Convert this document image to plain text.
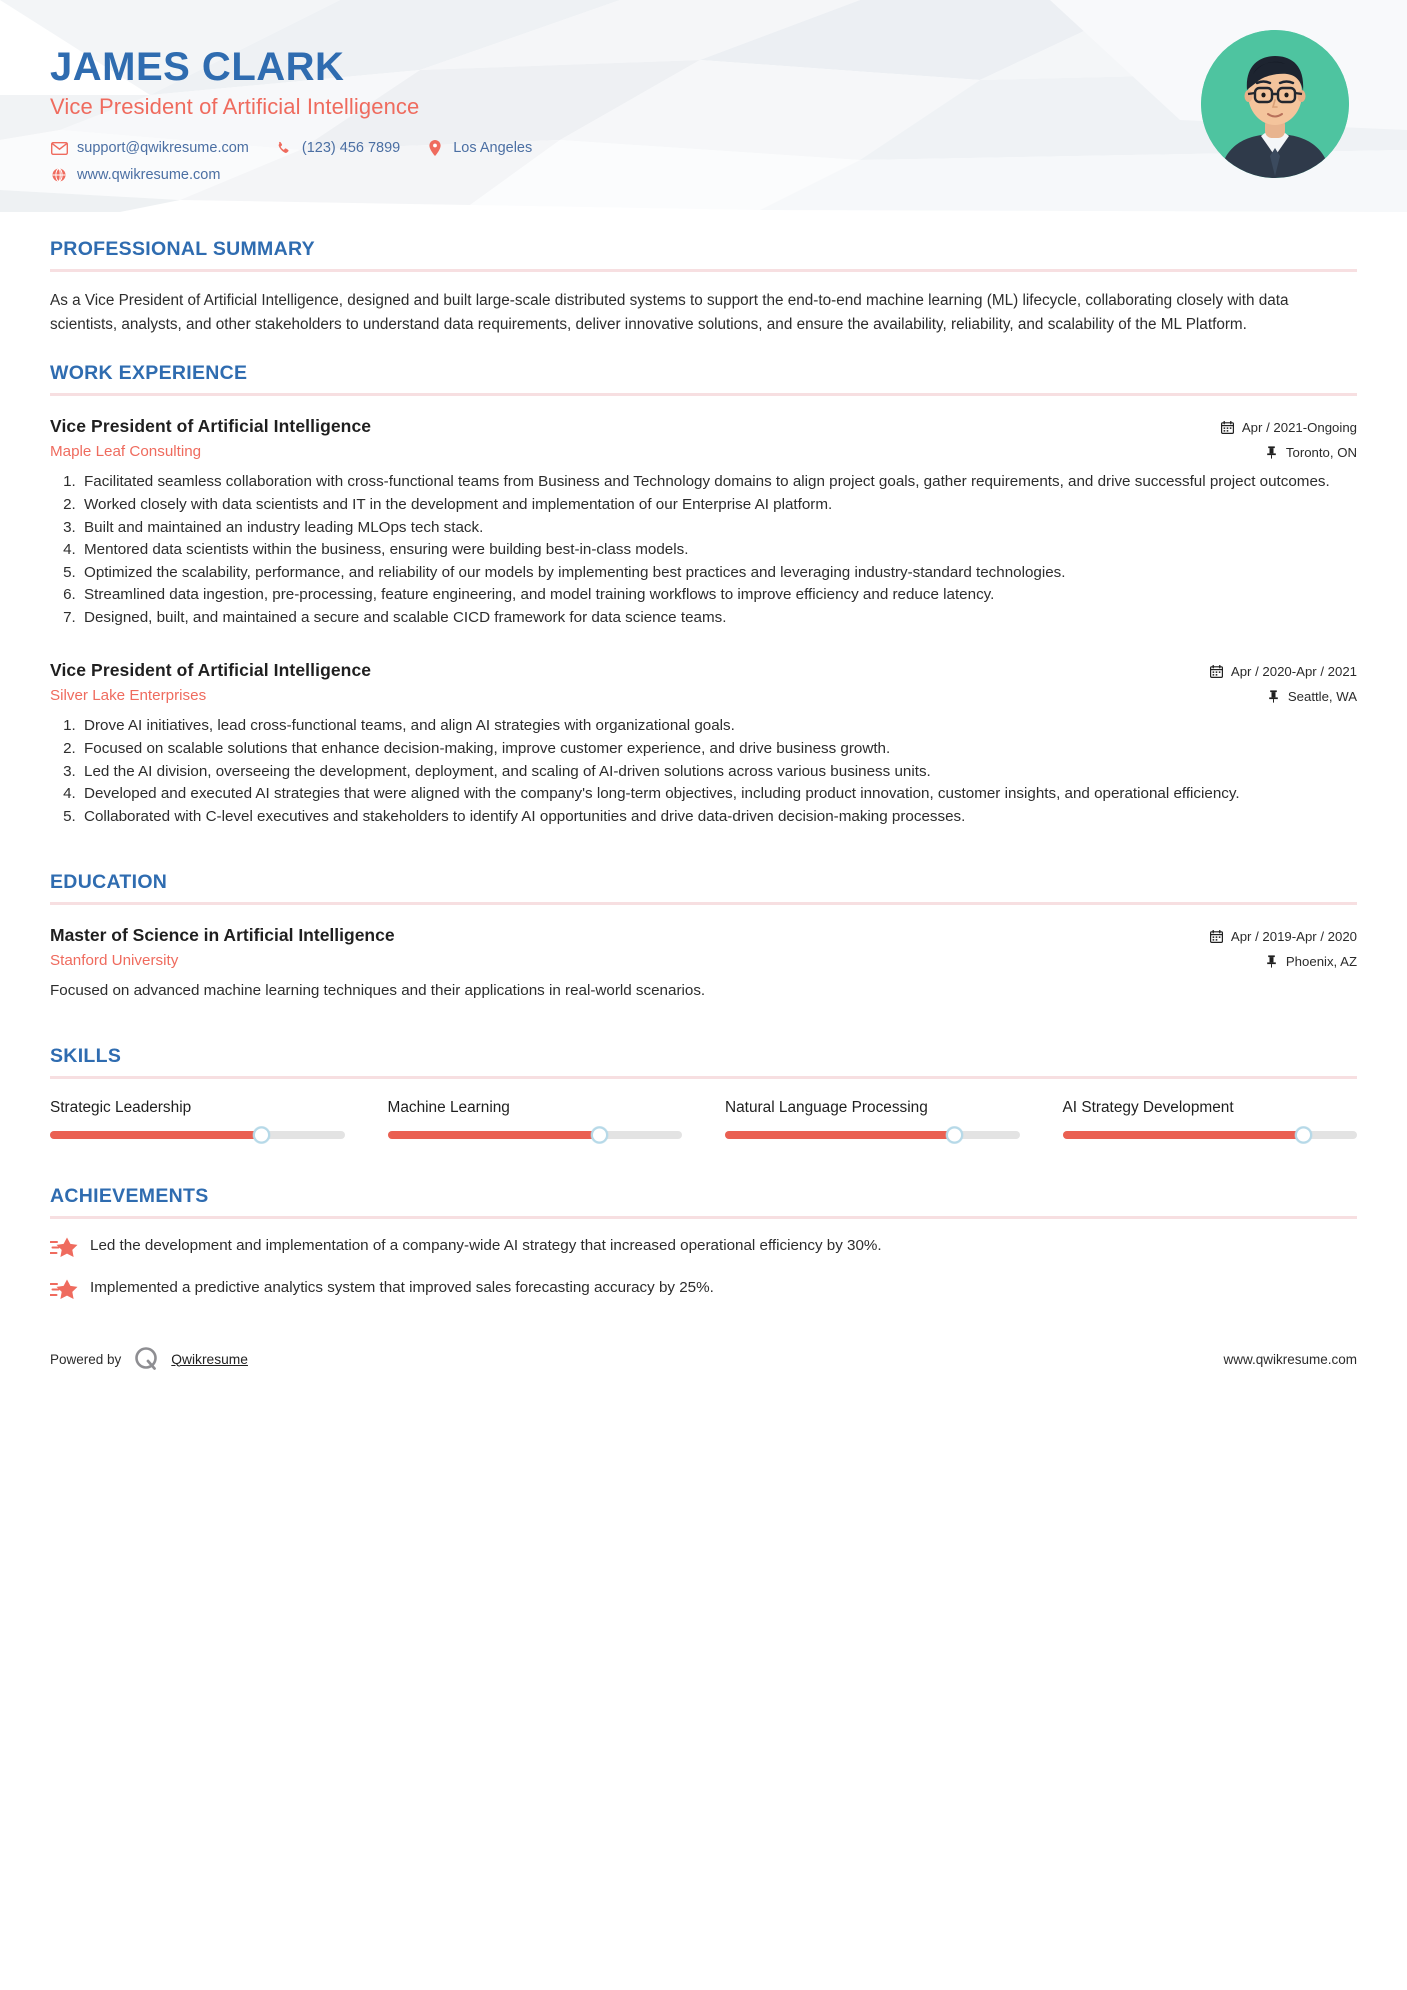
JAMES CLARK
Vice President of Artificial Intelligence
support@qwikresume.com	(123) 456 7899	Los Angeles
www.qwikresume.com
PROFESSIONAL SUMMARY
As a Vice President of Artificial Intelligence, designed and built large-scale distributed systems to support the end-to-end machine learning (ML) lifecycle, collaborating closely with data scientists, analysts, and other stakeholders to understand data requirements, deliver innovative solutions, and ensure the availability, reliability, and scalability of the ML Platform.
WORK EXPERIENCE
Vice President of Artificial Intelligence
Maple Leaf Consulting
Apr / 2021-Ongoing
Toronto, ON
1. Facilitated seamless collaboration with cross-functional teams from Business and Technology domains to align project goals, gather requirements, and drive successful project outcomes.
2. Worked closely with data scientists and IT in the development and implementation of our Enterprise AI platform.
3. Built and maintained an industry leading MLOps tech stack.
4. Mentored data scientists within the business, ensuring were building best-in-class models.
5. Optimized the scalability, performance, and reliability of our models by implementing best practices and leveraging industry-standard technologies.
6. Streamlined data ingestion, pre-processing, feature engineering, and model training workflows to improve efficiency and reduce latency.
7. Designed, built, and maintained a secure and scalable CICD framework for data science teams.
Vice President of Artificial Intelligence
Silver Lake Enterprises
Apr / 2020-Apr / 2021
Seattle, WA
1. Drove AI initiatives, lead cross-functional teams, and align AI strategies with organizational goals.
2. Focused on scalable solutions that enhance decision-making, improve customer experience, and drive business growth.
3. Led the AI division, overseeing the development, deployment, and scaling of AI-driven solutions across various business units.
4. Developed and executed AI strategies that were aligned with the company's long-term objectives, including product innovation, customer insights, and operational efficiency.
5. Collaborated with C-level executives and stakeholders to identify AI opportunities and drive data-driven decision-making processes.
EDUCATION
Master of Science in Artificial Intelligence
Stanford University
Apr / 2019-Apr / 2020
Phoenix, AZ
Focused on advanced machine learning techniques and their applications in real-world scenarios.
SKILLS
Strategic Leadership	Machine Learning	Natural Language Processing	AI Strategy Development
ACHIEVEMENTS
Led the development and implementation of a company-wide AI strategy that increased operational efficiency by 30%.
Implemented a predictive analytics system that improved sales forecasting accuracy by 25%.
Powered by	Qwikresume	www.qwikresume.com
